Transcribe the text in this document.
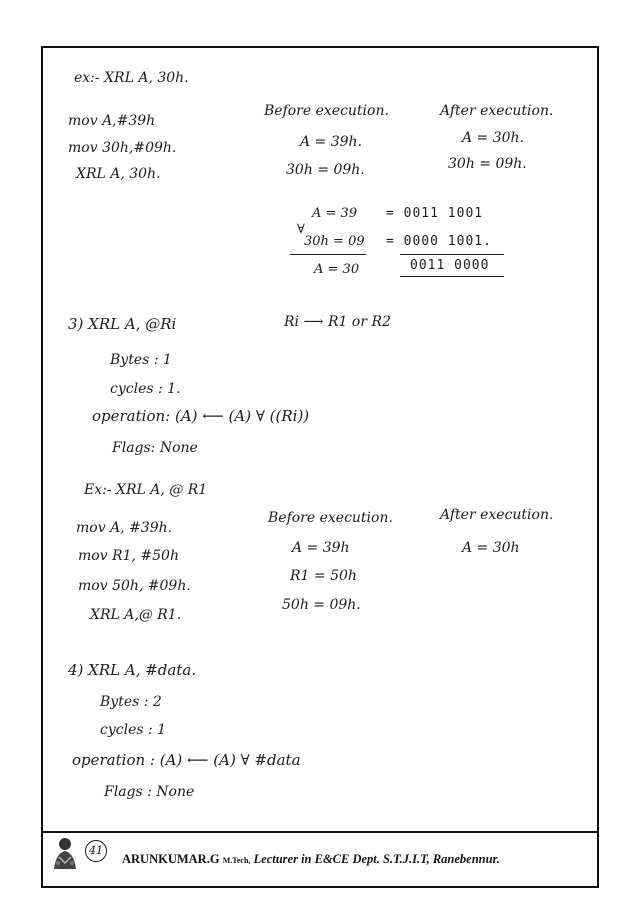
ex:- XRL A, 30h.
mov A,#39h
mov 30h,#09h.
XRL A, 30h.
Before execution.
A = 39h.
30h = 09h.
After execution.
A = 30h.
30h = 09h.
A = 39
∀
30h = 09
A = 30
= 0011 1001
= 0000 1001.
0011 0000
3) XRL A, @Ri	Ri ⟶ R1 or R2
Bytes : 1
cycles : 1.
operation: (A) ⟵ (A) ∀ ((Ri))
Flags: None
Ex:- XRL A, @ R1
mov A, #39h.
mov R1, #50h
mov 50h, #09h.
XRL A,@ R1.
Before execution.
A = 39h
R1 = 50h
50h = 09h.
After execution.
A = 30h
4) XRL A, #data.
Bytes : 2
cycles : 1
operation : (A) ⟵ (A) ∀ #data
Flags : None
41
ARUNKUMAR.G M.Tech, Lecturer in E&CE Dept. S.T.J.I.T, Ranebennur.
